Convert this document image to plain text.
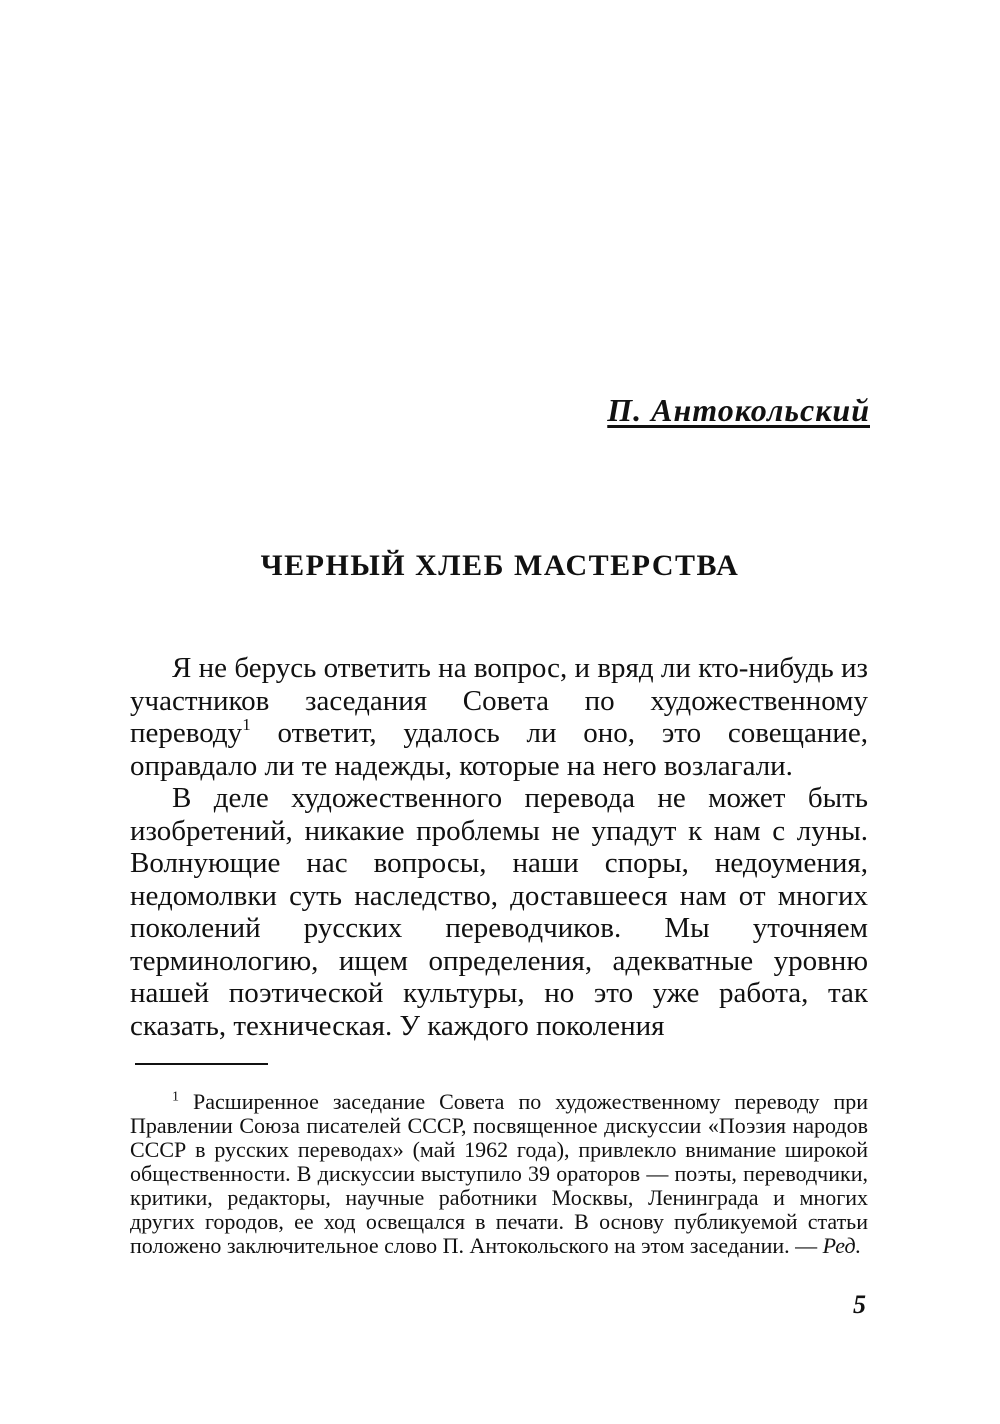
П. Антокольский
ЧЕРНЫЙ ХЛЕБ МАСТЕРСТВА

Я не берусь ответить на вопрос, и вряд ли кто-нибудь из участников заседания Совета по художественному переводу$^1$ ответит, удалось ли оно, это совещание, оправдало ли те надежды, которые на него возлагали.

В деле художественного перевода не может быть изобретений, никакие проблемы не упадут к нам с луны. Волнующие нас вопросы, наши споры, недоумения, недомолвки суть наследство, доставшееся нам от многих поколений русских переводчиков. Мы уточняем терминологию, ищем определения, адекватные уровню нашей поэтической культуры, но это уже работа, так сказать, техническая. У каждого поколения

$^1$ Расширенное заседание Совета по художественному переводу при Правлении Союза писателей СССР, посвященное дискуссии «Поэзия народов СССР в русских переводах» (май 1962 года), привлекло внимание широкой общественности. В дискуссии выступило 39 ораторов — поэты, переводчики, критики, редакторы, научные работники Москвы, Ленинграда и многих других городов, ее ход освещался в печати. В основу публикуемой статьи положено заключительное слово П. Антокольского на этом заседании. — Ред.

5
